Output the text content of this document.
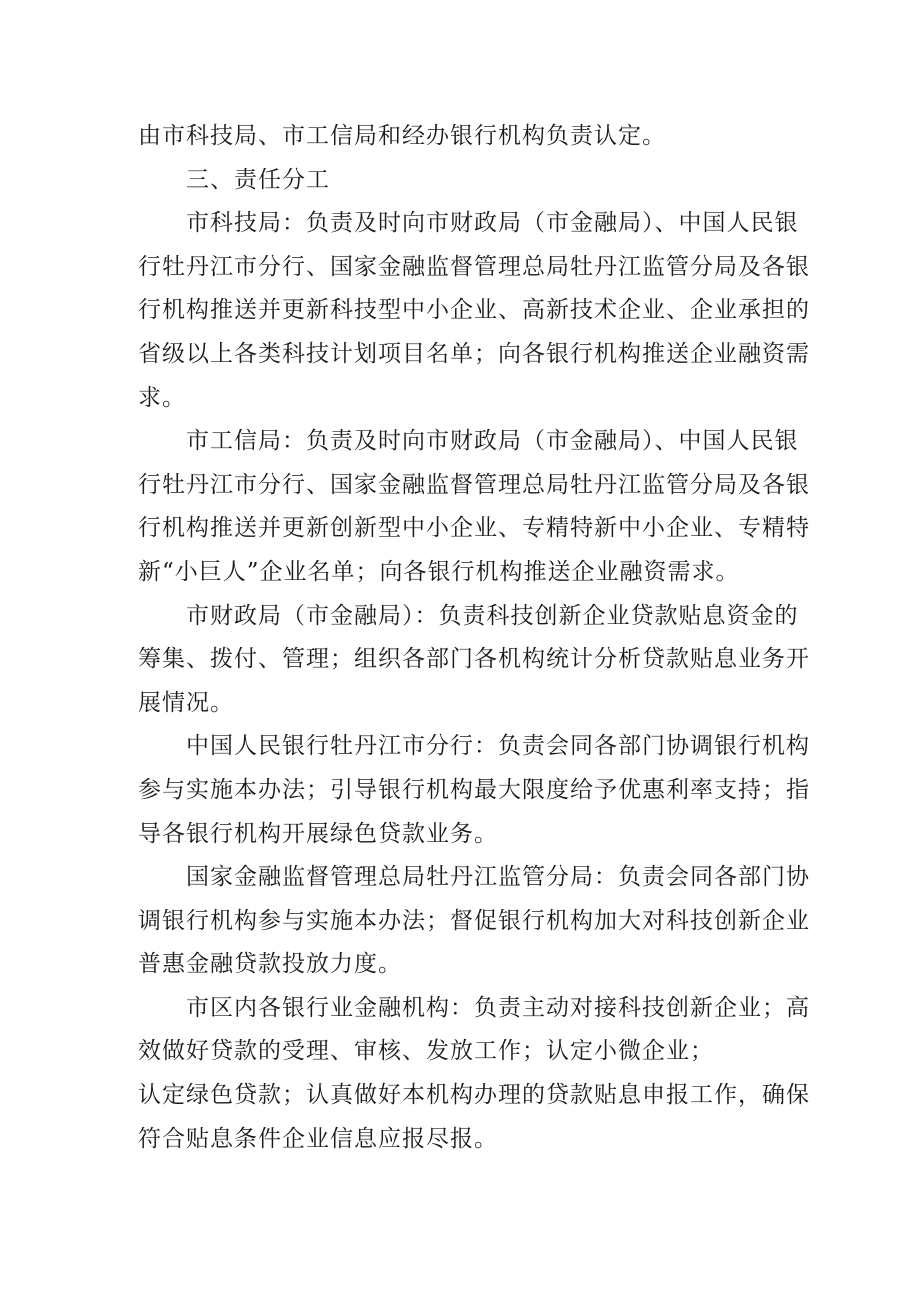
由市科技局、市工信局和经办银行机构负责认定。
三、责任分工
市科技局：负责及时向市财政局（市金融局）、中国人民银
行牡丹江市分行、国家金融监督管理总局牡丹江监管分局及各银
行机构推送并更新科技型中小企业、高新技术企业、企业承担的
省级以上各类科技计划项目名单；向各银行机构推送企业融资需
求。
市工信局：负责及时向市财政局（市金融局）、中国人民银
行牡丹江市分行、国家金融监督管理总局牡丹江监管分局及各银
行机构推送并更新创新型中小企业、专精特新中小企业、专精特
新“小巨人”企业名单；向各银行机构推送企业融资需求。
市财政局（市金融局）：负责科技创新企业贷款贴息资金的
筹集、拨付、管理；组织各部门各机构统计分析贷款贴息业务开
展情况。
中国人民银行牡丹江市分行：负责会同各部门协调银行机构
参与实施本办法；引导银行机构最大限度给予优惠利率支持；指
导各银行机构开展绿色贷款业务。
国家金融监督管理总局牡丹江监管分局：负责会同各部门协
调银行机构参与实施本办法；督促银行机构加大对科技创新企业
普惠金融贷款投放力度。
市区内各银行业金融机构：负责主动对接科技创新企业；高
效做好贷款的受理、审核、发放工作；认定小微企业；
认定绿色贷款；认真做好本机构办理的贷款贴息申报工作，确保
符合贴息条件企业信息应报尽报。
